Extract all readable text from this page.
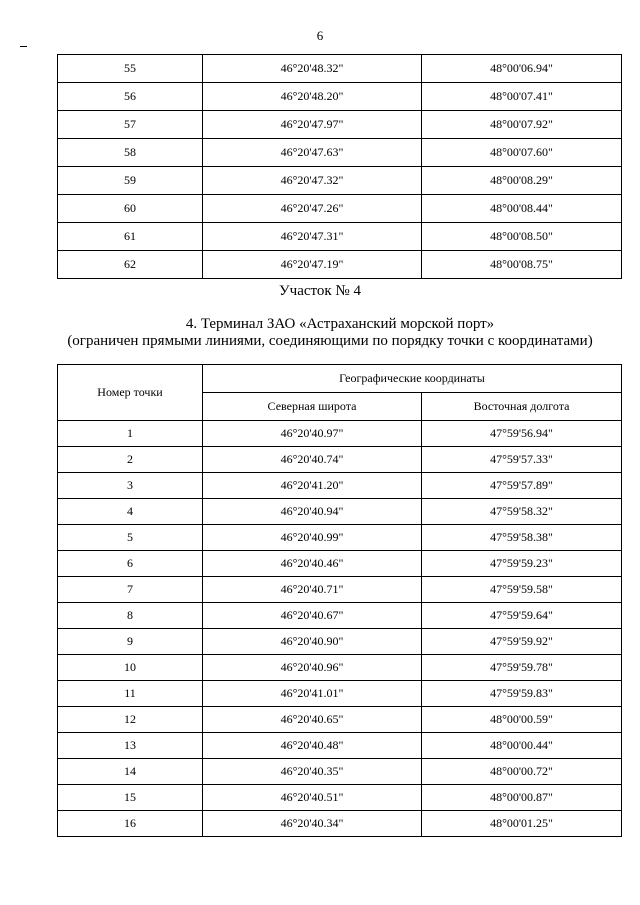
6
55	46°20'48.32"	48°00'06.94"
56	46°20'48.20"	48°00'07.41"
57	46°20'47.97"	48°00'07.92"
58	46°20'47.63"	48°00'07.60"
59	46°20'47.32"	48°00'08.29"
60	46°20'47.26"	48°00'08.44"
61	46°20'47.31"	48°00'08.50"
62	46°20'47.19"	48°00'08.75"
Участок № 4
4. Терминал ЗАО «Астраханский морской порт»
(ограничен прямыми линиями, соединяющими по порядку точки с координатами)
Номер точки	Географические координаты	
	Северная широта	Восточная долгота
1	46°20'40.97"	47°59'56.94"
2	46°20'40.74"	47°59'57.33"
3	46°20'41.20"	47°59'57.89"
4	46°20'40.94"	47°59'58.32"
5	46°20'40.99"	47°59'58.38"
6	46°20'40.46"	47°59'59.23"
7	46°20'40.71"	47°59'59.58"
8	46°20'40.67"	47°59'59.64"
9	46°20'40.90"	47°59'59.92"
10	46°20'40.96"	47°59'59.78"
11	46°20'41.01"	47°59'59.83"
12	46°20'40.65"	48°00'00.59"
13	46°20'40.48"	48°00'00.44"
14	46°20'40.35"	48°00'00.72"
15	46°20'40.51"	48°00'00.87"
16	46°20'40.34"	48°00'01.25"
